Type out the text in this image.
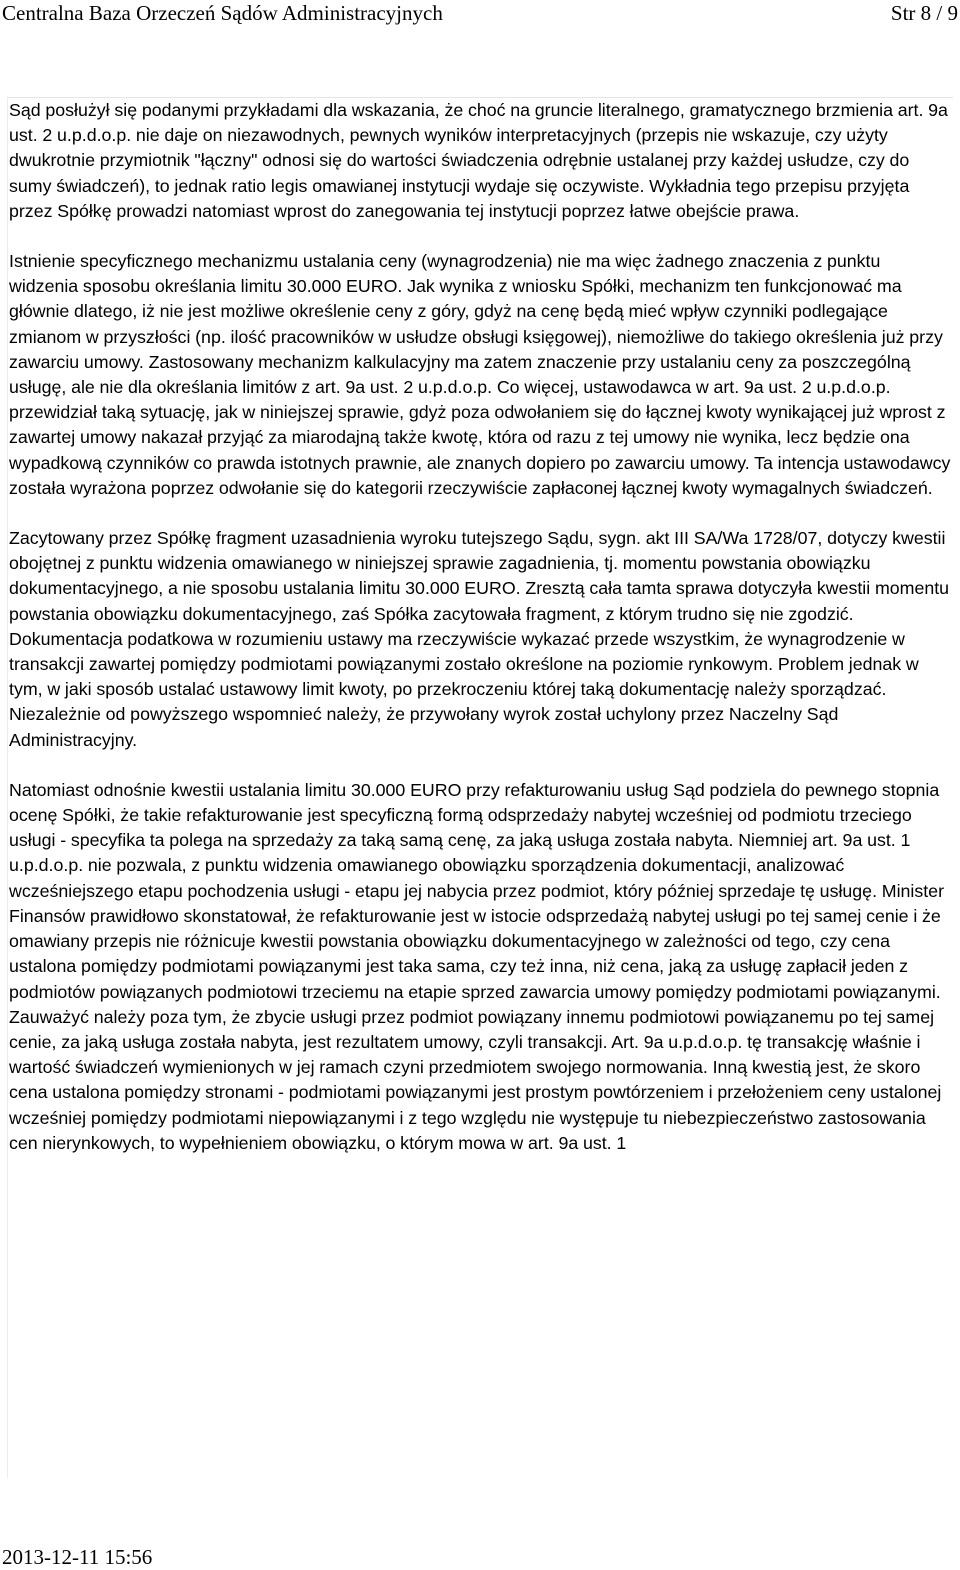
Centralna Baza Orzeczeń Sądów Administracyjnych	Str 8 / 9

Sąd posłużył się podanymi przykładami dla wskazania, że choć na gruncie literalnego, gramatycznego brzmienia art. 9a ust. 2 u.p.d.o.p. nie daje on niezawodnych, pewnych wyników interpretacyjnych (przepis nie wskazuje, czy użyty dwukrotnie przymiotnik "łączny" odnosi się do wartości świadczenia odrębnie ustalanej przy każdej usłudze, czy do sumy świadczeń), to jednak ratio legis omawianej instytucji wydaje się oczywiste. Wykładnia tego przepisu przyjęta przez Spółkę prowadzi natomiast wprost do zanegowania tej instytucji poprzez łatwe obejście prawa.

Istnienie specyficznego mechanizmu ustalania ceny (wynagrodzenia) nie ma więc żadnego znaczenia z punktu widzenia sposobu określania limitu 30.000 EURO. Jak wynika z wniosku Spółki, mechanizm ten funkcjonować ma głównie dlatego, iż nie jest możliwe określenie ceny z góry, gdyż na cenę będą mieć wpływ czynniki podlegające zmianom w przyszłości (np. ilość pracowników w usłudze obsługi księgowej), niemożliwe do takiego określenia już przy zawarciu umowy. Zastosowany mechanizm kalkulacyjny ma zatem znaczenie przy ustalaniu ceny za poszczególną usługę, ale nie dla określania limitów z art. 9a ust. 2 u.p.d.o.p. Co więcej, ustawodawca w art. 9a ust. 2 u.p.d.o.p. przewidział taką sytuację, jak w niniejszej sprawie, gdyż poza odwołaniem się do łącznej kwoty wynikającej już wprost z zawartej umowy nakazał przyjąć za miarodajną także kwotę, która od razu z tej umowy nie wynika, lecz będzie ona wypadkową czynników co prawda istotnych prawnie, ale znanych dopiero po zawarciu umowy. Ta intencja ustawodawcy została wyrażona poprzez odwołanie się do kategorii rzeczywiście zapłaconej łącznej kwoty wymagalnych świadczeń.

Zacytowany przez Spółkę fragment uzasadnienia wyroku tutejszego Sądu, sygn. akt III SA/Wa 1728/07, dotyczy kwestii obojętnej z punktu widzenia omawianego w niniejszej sprawie zagadnienia, tj. momentu powstania obowiązku dokumentacyjnego, a nie sposobu ustalania limitu 30.000 EURO. Zresztą cała tamta sprawa dotyczyła kwestii momentu powstania obowiązku dokumentacyjnego, zaś Spółka zacytowała fragment, z którym trudno się nie zgodzić. Dokumentacja podatkowa w rozumieniu ustawy ma rzeczywiście wykazać przede wszystkim, że wynagrodzenie w transakcji zawartej pomiędzy podmiotami powiązanymi zostało określone na poziomie rynkowym. Problem jednak w tym, w jaki sposób ustalać ustawowy limit kwoty, po przekroczeniu której taką dokumentację należy sporządzać. Niezależnie od powyższego wspomnieć należy, że przywołany wyrok został uchylony przez Naczelny Sąd Administracyjny.

Natomiast odnośnie kwestii ustalania limitu 30.000 EURO przy refakturowaniu usług Sąd podziela do pewnego stopnia ocenę Spółki, że takie refakturowanie jest specyficzną formą odsprzedaży nabytej wcześniej od podmiotu trzeciego usługi - specyfika ta polega na sprzedaży za taką samą cenę, za jaką usługa została nabyta. Niemniej art. 9a ust. 1 u.p.d.o.p. nie pozwala, z punktu widzenia omawianego obowiązku sporządzenia dokumentacji, analizować wcześniejszego etapu pochodzenia usługi - etapu jej nabycia przez podmiot, który później sprzedaje tę usługę. Minister Finansów prawidłowo skonstatował, że refakturowanie jest w istocie odsprzedażą nabytej usługi po tej samej cenie i że omawiany przepis nie różnicuje kwestii powstania obowiązku dokumentacyjnego w zależności od tego, czy cena ustalona pomiędzy podmiotami powiązanymi jest taka sama, czy też inna, niż cena, jaką za usługę zapłacił jeden z podmiotów powiązanych podmiotowi trzeciemu na etapie sprzed zawarcia umowy pomiędzy podmiotami powiązanymi. Zauważyć należy poza tym, że zbycie usługi przez podmiot powiązany innemu podmiotowi powiązanemu po tej samej cenie, za jaką usługa została nabyta, jest rezultatem umowy, czyli transakcji. Art. 9a u.p.d.o.p. tę transakcję właśnie i wartość świadczeń wymienionych w jej ramach czyni przedmiotem swojego normowania. Inną kwestią jest, że skoro cena ustalona pomiędzy stronami - podmiotami powiązanymi jest prostym powtórzeniem i przełożeniem ceny ustalonej wcześniej pomiędzy podmiotami niepowiązanymi i z tego względu nie występuje tu niebezpieczeństwo zastosowania cen nierynkowych, to wypełnieniem obowiązku, o którym mowa w art. 9a ust. 1

2013-12-11 15:56
